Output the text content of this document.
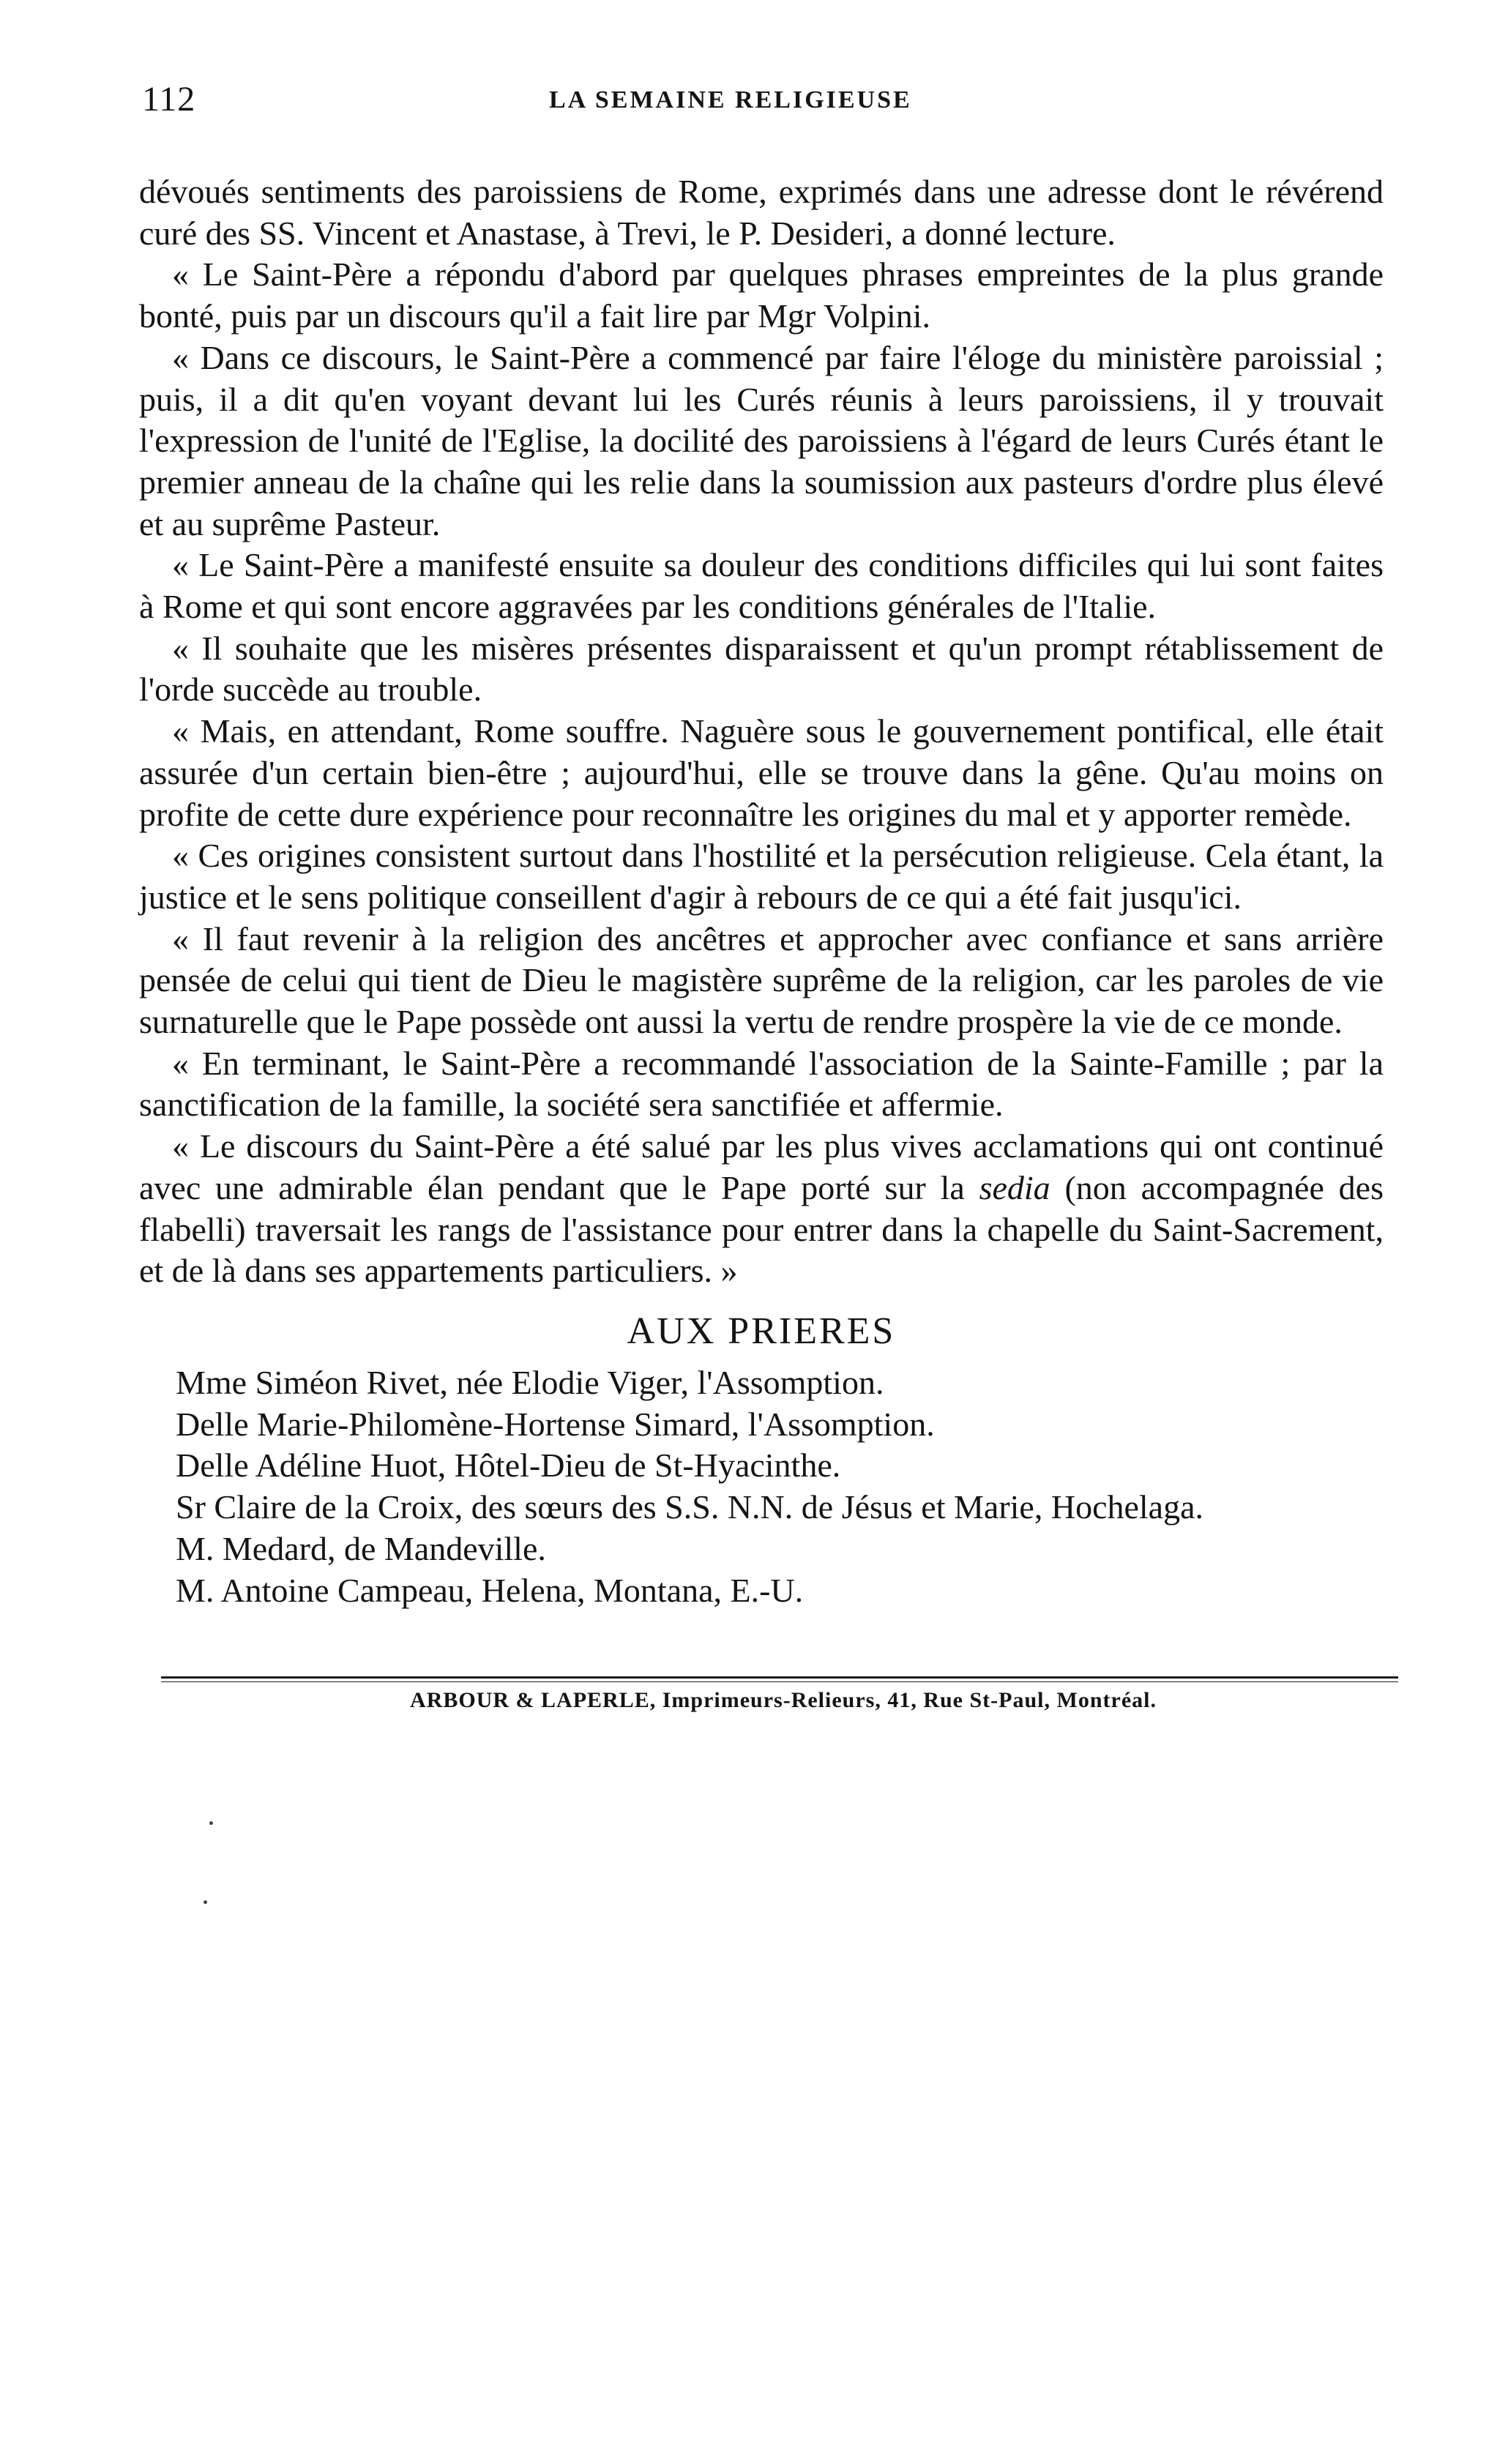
112	LA SEMAINE RELIGIEUSE

dévoués sentiments des paroissiens de Rome, exprimés dans une adresse dont le révérend curé des SS. Vincent et Anastase, à Trevi, le P. Desideri, a donné lecture.

« Le Saint-Père a répondu d'abord par quelques phrases empreintes de la plus grande bonté, puis par un discours qu'il a fait lire par Mgr Volpini.

« Dans ce discours, le Saint-Père a commencé par faire l'éloge du ministère paroissial ; puis, il a dit qu'en voyant devant lui les Curés réunis à leurs paroissiens, il y trouvait l'expression de l'unité de l'Eglise, la docilité des paroissiens à l'égard de leurs Curés étant le premier anneau de la chaîne qui les relie dans la soumission aux pasteurs d'ordre plus élevé et au suprême Pasteur.

« Le Saint-Père a manifesté ensuite sa douleur des conditions difficiles qui lui sont faites à Rome et qui sont encore aggravées par les conditions générales de l'Italie.

« Il souhaite que les misères présentes disparaissent et qu'un prompt rétablissement de l'orde succède au trouble.

« Mais, en attendant, Rome souffre. Naguère sous le gouvernement pontifical, elle était assurée d'un certain bien-être ; aujourd'hui, elle se trouve dans la gêne. Qu'au moins on profite de cette dure expérience pour reconnaître les origines du mal et y apporter remède.

« Ces origines consistent surtout dans l'hostilité et la persécution religieuse. Cela étant, la justice et le sens politique conseillent d'agir à rebours de ce qui a été fait jusqu'ici.

« Il faut revenir à la religion des ancêtres et approcher avec confiance et sans arrière pensée de celui qui tient de Dieu le magistère suprême de la religion, car les paroles de vie surnaturelle que le Pape possède ont aussi la vertu de rendre prospère la vie de ce monde.

« En terminant, le Saint-Père a recommandé l'association de la Sainte-Famille ; par la sanctification de la famille, la société sera sanctifiée et affermie.

« Le discours du Saint-Père a été salué par les plus vives acclamations qui ont continué avec une admirable élan pendant que le Pape porté sur la sedia (non accompagnée des flabelli) traversait les rangs de l'assistance pour entrer dans la chapelle du Saint-Sacrement, et de là dans ses appartements particuliers. »

AUX PRIERES
Mme Siméon Rivet, née Elodie Viger, l'Assomption.
Delle Marie-Philomène-Hortense Simard, l'Assomption.
Delle Adéline Huot, Hôtel-Dieu de St-Hyacinthe.
Sr Claire de la Croix, des sœurs des S.S. N.N. de Jésus et Marie, Hochelaga.
M. Medard, de Mandeville.
M. Antoine Campeau, Helena, Montana, E.-U.
ARBOUR & LAPERLE, Imprimeurs-Relieurs, 41, Rue St-Paul, Montréal.
